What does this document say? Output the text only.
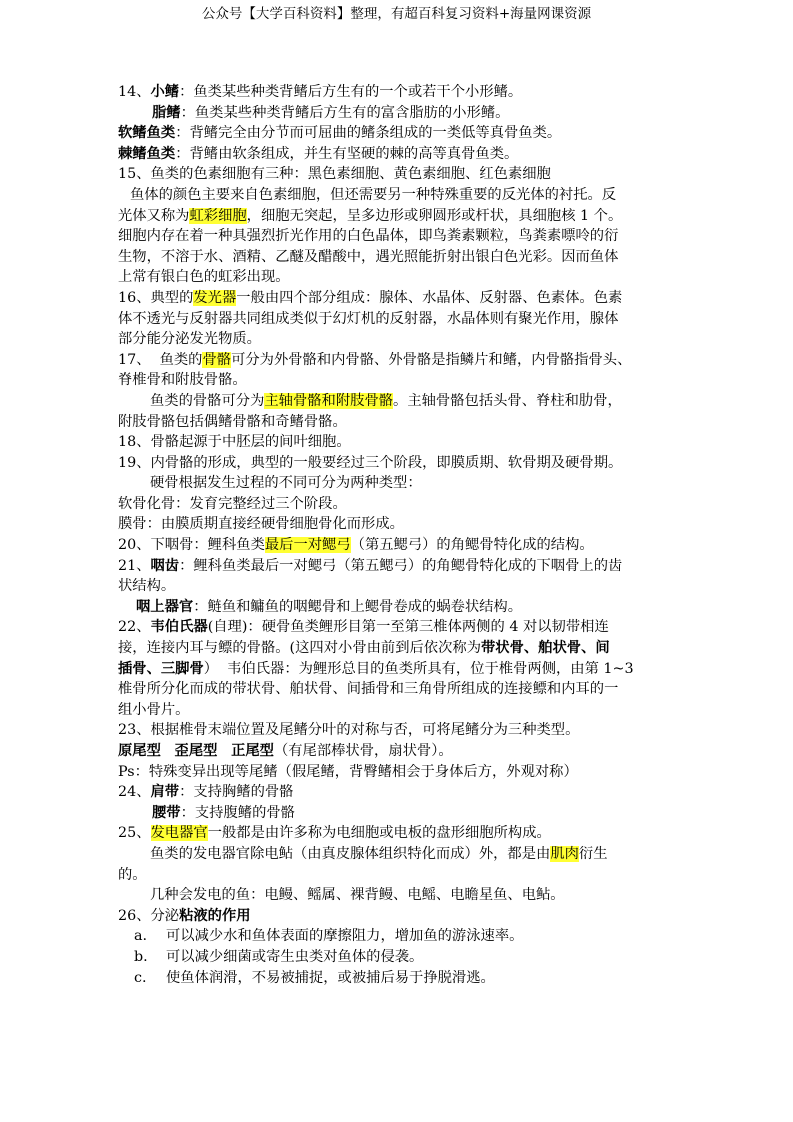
公众号【大学百科资料】整理，有超百科复习资料+海量网课资源

14、小鳍：鱼类某些种类背鳍后方生有的一个或若干个小形鳍。

脂鳍：鱼类某些种类背鳍后方生有的富含脂肪的小形鳍。

软鳍鱼类：背鳍完全由分节而可屈曲的鳍条组成的一类低等真骨鱼类。

棘鳍鱼类：背鳍由软条组成，并生有坚硬的棘的高等真骨鱼类。

15、鱼类的色素细胞有三种：黑色素细胞、黄色素细胞、红色素细胞

鱼体的颜色主要来自色素细胞，但还需要另一种特殊重要的反光体的衬托。反

光体又称为虹彩细胞，细胞无突起，呈多边形或卵圆形或杆状，具细胞核 1 个。

细胞内存在着一种具强烈折光作用的白色晶体，即鸟粪素颗粒，鸟粪素嘌呤的衍

生物，不溶于水、酒精、乙醚及醋酸中，遇光照能折射出银白色光彩。因而鱼体

上常有银白色的虹彩出现。

16、典型的发光器一般由四个部分组成：腺体、水晶体、反射器、色素体。色素

体不透光与反射器共同组成类似于幻灯机的反射器，水晶体则有聚光作用，腺体

部分能分泌发光物质。

17、  鱼类的骨骼可分为外骨骼和内骨骼、外骨骼是指鳞片和鳍，内骨骼指骨头、

脊椎骨和附肢骨骼。

鱼类的骨骼可分为主轴骨骼和附肢骨骼。主轴骨骼包括头骨、脊柱和肋骨，

附肢骨骼包括偶鳍骨骼和奇鳍骨骼。

18、骨骼起源于中胚层的间叶细胞。

19、内骨骼的形成，典型的一般要经过三个阶段，即膜质期、软骨期及硬骨期。

硬骨根据发生过程的不同可分为两种类型：

软骨化骨：发育完整经过三个阶段。

膜骨：由膜质期直接经硬骨细胞骨化而形成。

20、下咽骨：鲤科鱼类最后一对鳃弓（第五鳃弓）的角鳃骨特化成的结构。

21、咽齿：鲤科鱼类最后一对鳃弓（第五鳃弓）的角鳃骨特化成的下咽骨上的齿

状结构。

咽上器官：鲢鱼和鳙鱼的咽鳃骨和上鳃骨卷成的蜗卷状结构。

22、韦伯氏器(自理)：硬骨鱼类鲤形目第一至第三椎体两侧的 4 对以韧带相连

接，连接内耳与鳔的骨骼。(这四对小骨由前到后依次称为带状骨、舶状骨、间

插骨、三脚骨）  韦伯氏器：为鲤形总目的鱼类所具有，位于椎骨两侧，由第 1~3

椎骨所分化而成的带状骨、舶状骨、间插骨和三角骨所组成的连接鳔和内耳的一

组小骨片。

23、根据椎骨末端位置及尾鳍分叶的对称与否，可将尾鳍分为三种类型。

原尾型 歪尾型 正尾型（有尾部棒状骨，扇状骨）。

Ps：特殊变异出现等尾鳍（假尾鳍，背臀鳍相会于身体后方，外观对称）

24、肩带：支持胸鳍的骨骼

腰带：支持腹鳍的骨骼

25、发电器官一般都是由许多称为电细胞或电板的盘形细胞所构成。

鱼类的发电器官除电鲇（由真皮腺体组织特化而成）外，都是由肌肉衍生

的。

几种会发电的鱼：电鳗、鳐属、裸背鳗、电鳐、电瞻星鱼、电鲇。

26、分泌粘液的作用

a. 可以减少水和鱼体表面的摩擦阻力，增加鱼的游泳速率。

b. 可以减少细菌或寄生虫类对鱼体的侵袭。

c. 使鱼体润滑，不易被捕捉，或被捕后易于挣脱滑逃。
